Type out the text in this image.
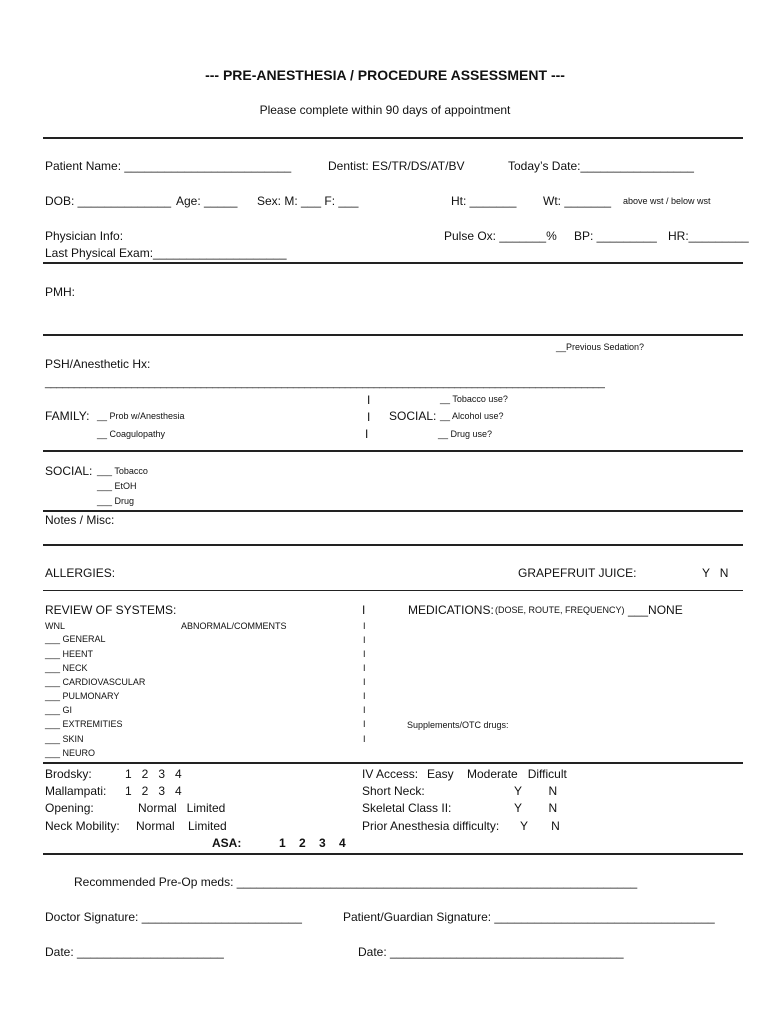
--- PRE-ANESTHESIA / PROCEDURE ASSESSMENT ---
Please complete within 90 days of appointment
Patient Name: _________________________	Dentist: ES/TR/DS/AT/BV	Today’s Date:_________________
DOB: ______________ Age: _____ Sex: M: ___ F: ___	Ht: _______ Wt: _______ above wst / below wst
Physician Info:	Pulse Ox: _______% BP: _________ HR:_________
Last Physical Exam:____________________
PMH:
__Previous Sedation?
PSH/Anesthetic Hx:
_________________________________________________________________________________________________
FAMILY: __ Prob w/Anesthesia
__ Coagulopathy
I
I
I
SOCIAL:
__ Tobacco use?
__ Alcohol use?
__ Drug use?
SOCIAL: ___ Tobacco
___ EtOH
___ Drug
Notes / Misc:
ALLERGIES:	GRAPEFRUIT JUICE:	Y   N
REVIEW OF SYSTEMS:
WNL	ABNORMAL/COMMENTS
___ GENERAL
___ HEENT
___ NECK
___ CARDIOVASCULAR
___ PULMONARY
___ GI
___ EXTREMITIES
___ SKIN
___ NEURO
I
I
I
I
I
I
I
I
I
I
MEDICATIONS: (DOSE, ROUTE, FREQUENCY) ___NONE
Supplements/OTC drugs:
Brodsky:	1   2   3   4
Mallampati: 1   2   3   4
Opening:	Normal   Limited
Neck Mobility: Normal    Limited
ASA:	1    2    3    4
IV Access: Easy    Moderate   Difficult
Short Neck:	Y        N
Skeletal Class II:	Y        N
Prior Anesthesia difficulty: Y       N
Recommended Pre-Op meds: ____________________________________________________________
Doctor Signature: ________________________	Patient/Guardian Signature: _________________________________
Date: ______________________	Date: ___________________________________
